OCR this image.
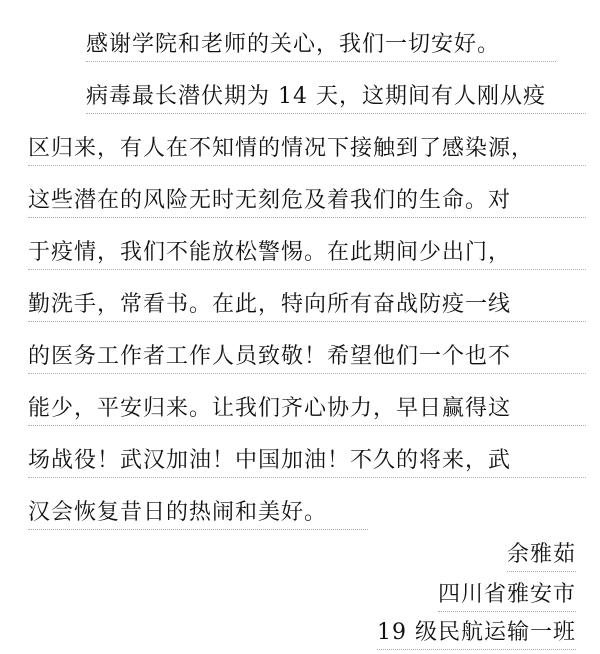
感谢学院和老师的关心，我们一切安好。
病毒最长潜伏期为 14 天，这期间有人刚从疫
区归来，有人在不知情的情况下接触到了感染源，
这些潜在的风险无时无刻危及着我们的生命。对
于疫情，我们不能放松警惕。在此期间少出门，
勤洗手，常看书。在此，特向所有奋战防疫一线
的医务工作者工作人员致敬！希望他们一个也不
能少，平安归来。让我们齐心协力，早日赢得这
场战役！武汉加油！中国加油！不久的将来，武
汉会恢复昔日的热闹和美好。
余雅茹
四川省雅安市
19 级民航运输一班
